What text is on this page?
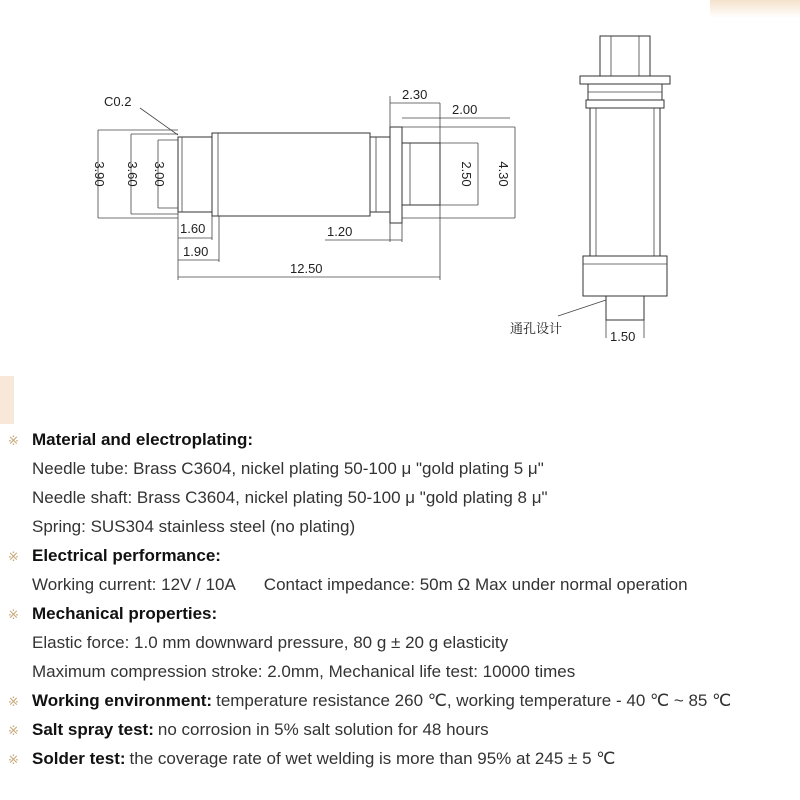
C0.2
3.90 3.60 3.00
1.60
1.90
1.20
12.50
2.30
2.00
2.50 4.30
通孔设计
1.50
※ Material and electroplating:
Needle tube: Brass C3604, nickel plating 50-100 μ "gold plating 5 μ"
Needle shaft: Brass C3604, nickel plating 50-100 μ "gold plating 8 μ"
Spring: SUS304 stainless steel (no plating)
※ Electrical performance:
Working current: 12V / 10A Contact impedance: 50m Ω Max under normal operation
※ Mechanical properties:
Elastic force: 1.0 mm downward pressure, 80 g ± 20 g elasticity
Maximum compression stroke: 2.0mm, Mechanical life test: 10000 times
※ Working environment: temperature resistance 260 ℃, working temperature - 40 ℃ ~ 85 ℃
※ Salt spray test: no corrosion in 5% salt solution for 48 hours
※ Solder test: the coverage rate of wet welding is more than 95% at 245 ± 5 ℃
